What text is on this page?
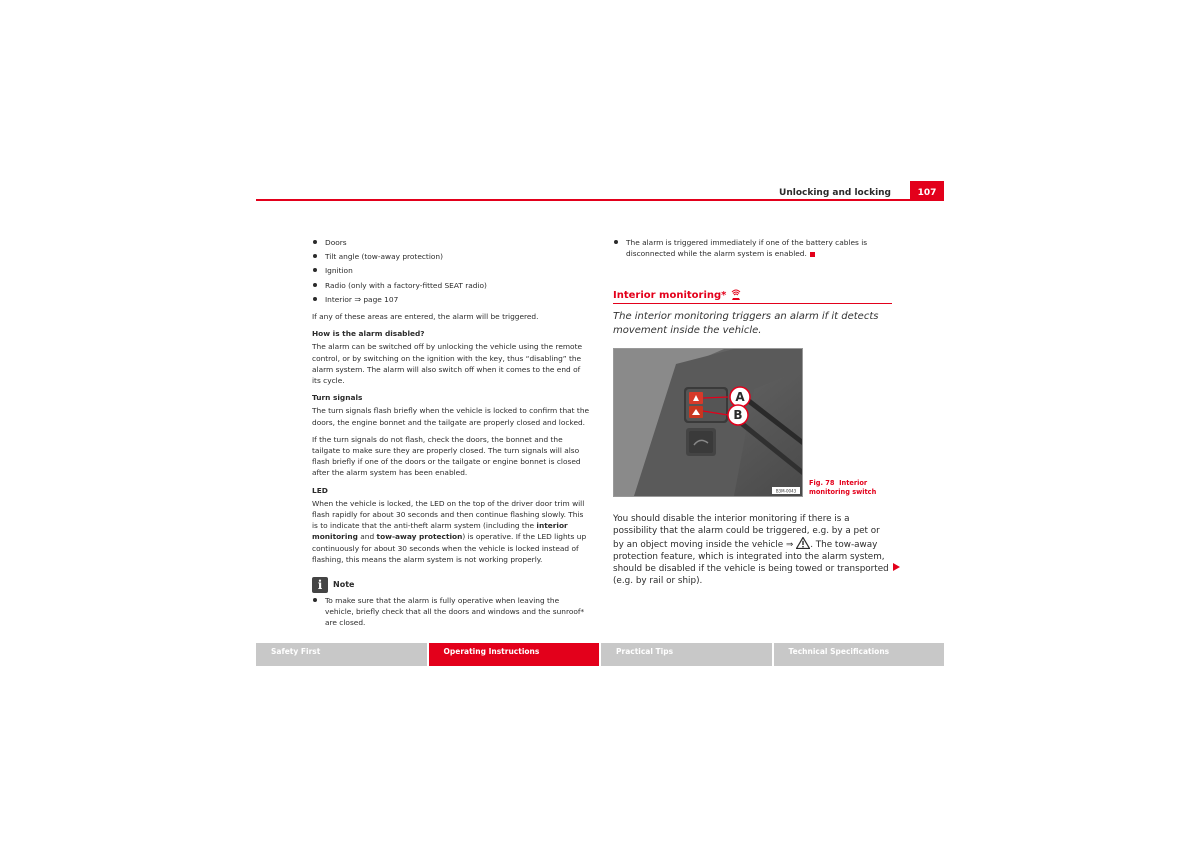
Unlocking and locking	107
Doors
Tilt angle (tow-away protection)
Ignition
Radio (only with a factory-fitted SEAT radio)
Interior ⇒ page 107

If any of these areas are entered, the alarm will be triggered.

How is the alarm disabled?

The alarm can be switched off by unlocking the vehicle using the remote control, or by switching on the ignition with the key, thus “disabling” the alarm system. The alarm will also switch off when it comes to the end of its cycle.

Turn signals

The turn signals flash briefly when the vehicle is locked to confirm that the doors, the engine bonnet and the tailgate are properly closed and locked.

If the turn signals do not flash, check the doors, the bonnet and the tailgate to make sure they are properly closed. The turn signals will also flash briefly if one of the doors or the tailgate or engine bonnet is closed after the alarm system has been enabled.

LED

When the vehicle is locked, the LED on the top of the driver door trim will flash rapidly for about 30 seconds and then continue flashing slowly. This is to indicate that the anti-theft alarm system (including the interior monitoring and tow-away protection) is operative. If the LED lights up continuously for about 30 seconds when the vehicle is locked instead of flashing, this means the alarm system is not working properly.

i	Note
To make sure that the alarm is fully operative when leaving the vehicle, briefly check that all the doors and windows and the sunroof* are closed.
The alarm is triggered immediately if one of the battery cables is disconnected while the alarm system is enabled.
Interior monitoring*
The interior monitoring triggers an alarm if it detects movement inside the vehicle.
A
B
B3M-0043
Fig. 78 Interior monitoring switch
You should disable the interior monitoring if there is a possibility that the alarm could be triggered, e.g. by a pet or by an object moving inside the vehicle ⇒ . The tow-away protection feature, which is integrated into the alarm system, should be disabled if the vehicle is being towed or transported (e.g. by rail or ship).
Safety First	Operating Instructions	Practical Tips	Technical Specifications
